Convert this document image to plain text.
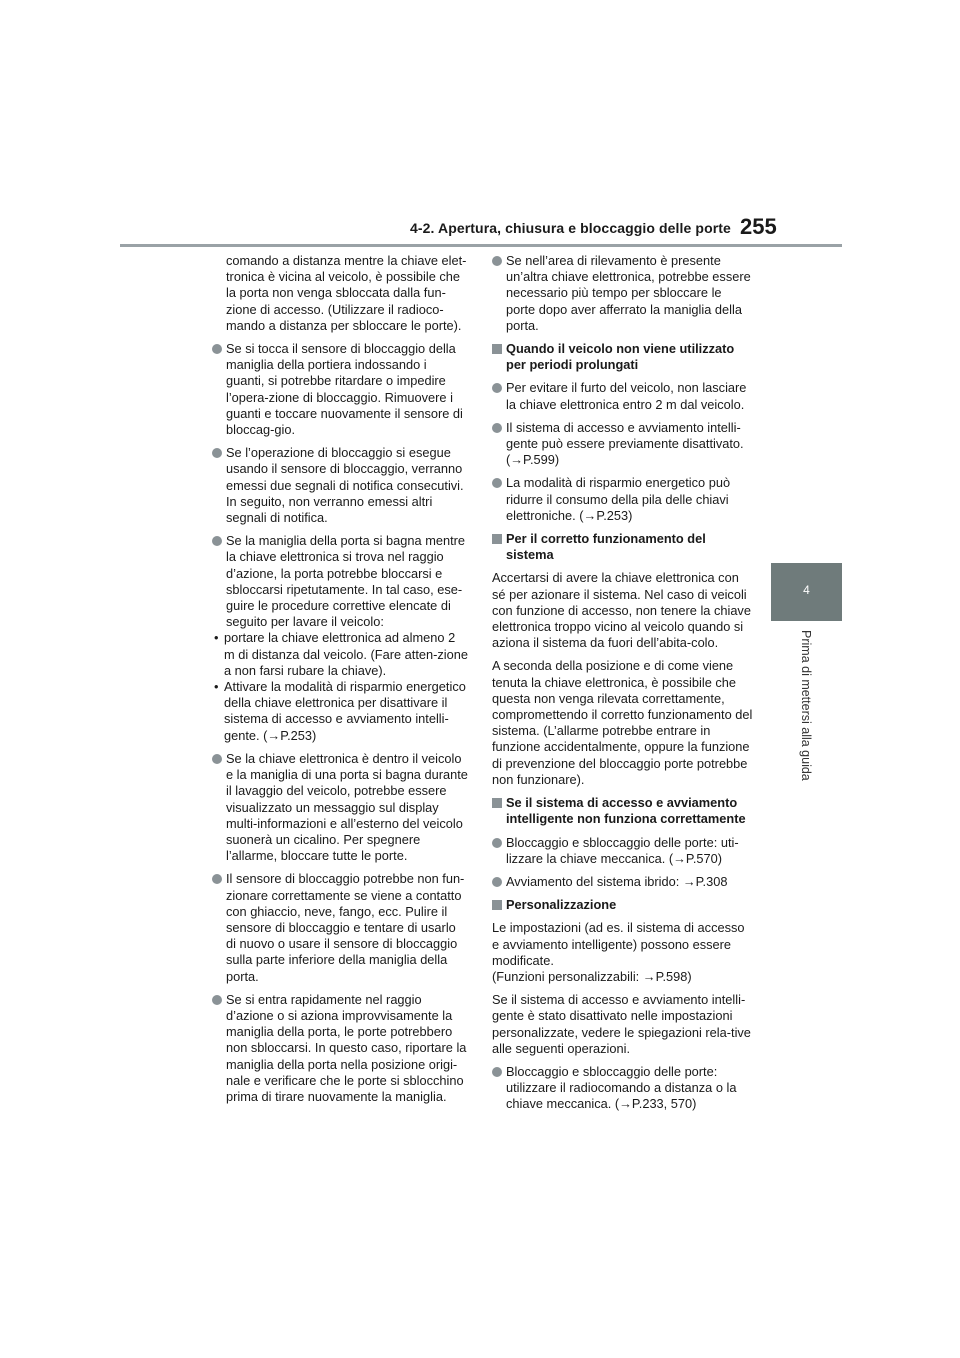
4-2. Apertura, chiusura e bloccaggio delle porte 255
4
Prima di mettersi alla guida

comando a distanza mentre la chiave elet-tronica è vicina al veicolo, è possibile che la porta non venga sbloccata dalla fun-zione di accesso. (Utilizzare il radioco-mando a distanza per sbloccare le porte).

Se si tocca il sensore di bloccaggio della maniglia della portiera indossando i guanti, si potrebbe ritardare o impedire l’opera-zione di bloccaggio. Rimuovere i guanti e toccare nuovamente il sensore di bloccag-gio.
Se l’operazione di bloccaggio si esegue usando il sensore di bloccaggio, verranno emessi due segnali di notifica consecutivi. In seguito, non verranno emessi altri segnali di notifica.
Se la maniglia della porta si bagna mentre la chiave elettronica si trova nel raggio d’azione, la porta potrebbe bloccarsi e sbloccarsi ripetutamente. In tal caso, ese-guire le procedure correttive elencate di seguito per lavare il veicolo:
• portare la chiave elettronica ad almeno 2 m di distanza dal veicolo. (Fare atten-zione a non farsi rubare la chiave).
• Attivare la modalità di risparmio energetico della chiave elettronica per disattivare il sistema di accesso e avviamento intelli-gente. (→P.253)
Se la chiave elettronica è dentro il veicolo e la maniglia di una porta si bagna durante il lavaggio del veicolo, potrebbe essere visualizzato un messaggio sul display multi-informazioni e all’esterno del veicolo suonerà un cicalino. Per spegnere l’allarme, bloccare tutte le porte.
Il sensore di bloccaggio potrebbe non fun-zionare correttamente se viene a contatto con ghiaccio, neve, fango, ecc. Pulire il sensore di bloccaggio e tentare di usarlo di nuovo o usare il sensore di bloccaggio sulla parte inferiore della maniglia della porta.
Se si entra rapidamente nel raggio d’azione o si aziona improvvisamente la maniglia della porta, le porte potrebbero non sbloccarsi. In questo caso, riportare la maniglia della porta nella posizione origi-nale e verificare che le porte si sblocchino prima di tirare nuovamente la maniglia.
Se nell’area di rilevamento è presente un’altra chiave elettronica, potrebbe essere necessario più tempo per sbloccare le porte dopo aver afferrato la maniglia della porta.
Quando il veicolo non viene utilizzato per periodi prolungati
Per evitare il furto del veicolo, non lasciare la chiave elettronica entro 2 m dal veicolo.
Il sistema di accesso e avviamento intelli-gente può essere previamente disattivato. (→P.599)
La modalità di risparmio energetico può ridurre il consumo della pila delle chiavi elettroniche. (→P.253)
Per il corretto funzionamento del sistema

Accertarsi di avere la chiave elettronica con sé per azionare il sistema. Nel caso di veicoli con funzione di accesso, non tenere la chiave elettronica troppo vicino al veicolo quando si aziona il sistema da fuori dell’abita-colo.

A seconda della posizione e di come viene tenuta la chiave elettronica, è possibile che questa non venga rilevata correttamente, compromettendo il corretto funzionamento del sistema. (L’allarme potrebbe entrare in funzione accidentalmente, oppure la funzione di prevenzione del bloccaggio porte potrebbe non funzionare).

Se il sistema di accesso e avviamento intelligente non funziona correttamente
Bloccaggio e sbloccaggio delle porte: uti-lizzare la chiave meccanica. (→P.570)
Avviamento del sistema ibrido: →P.308
Personalizzazione

Le impostazioni (ad es. il sistema di accesso e avviamento intelligente) possono essere modificate.

(Funzioni personalizzabili: →P.598)

Se il sistema di accesso e avviamento intelli-gente è stato disattivato nelle impostazioni personalizzate, vedere le spiegazioni rela-tive alle seguenti operazioni.

Bloccaggio e sbloccaggio delle porte: utilizzare il radiocomando a distanza o la chiave meccanica. (→P.233, 570)
